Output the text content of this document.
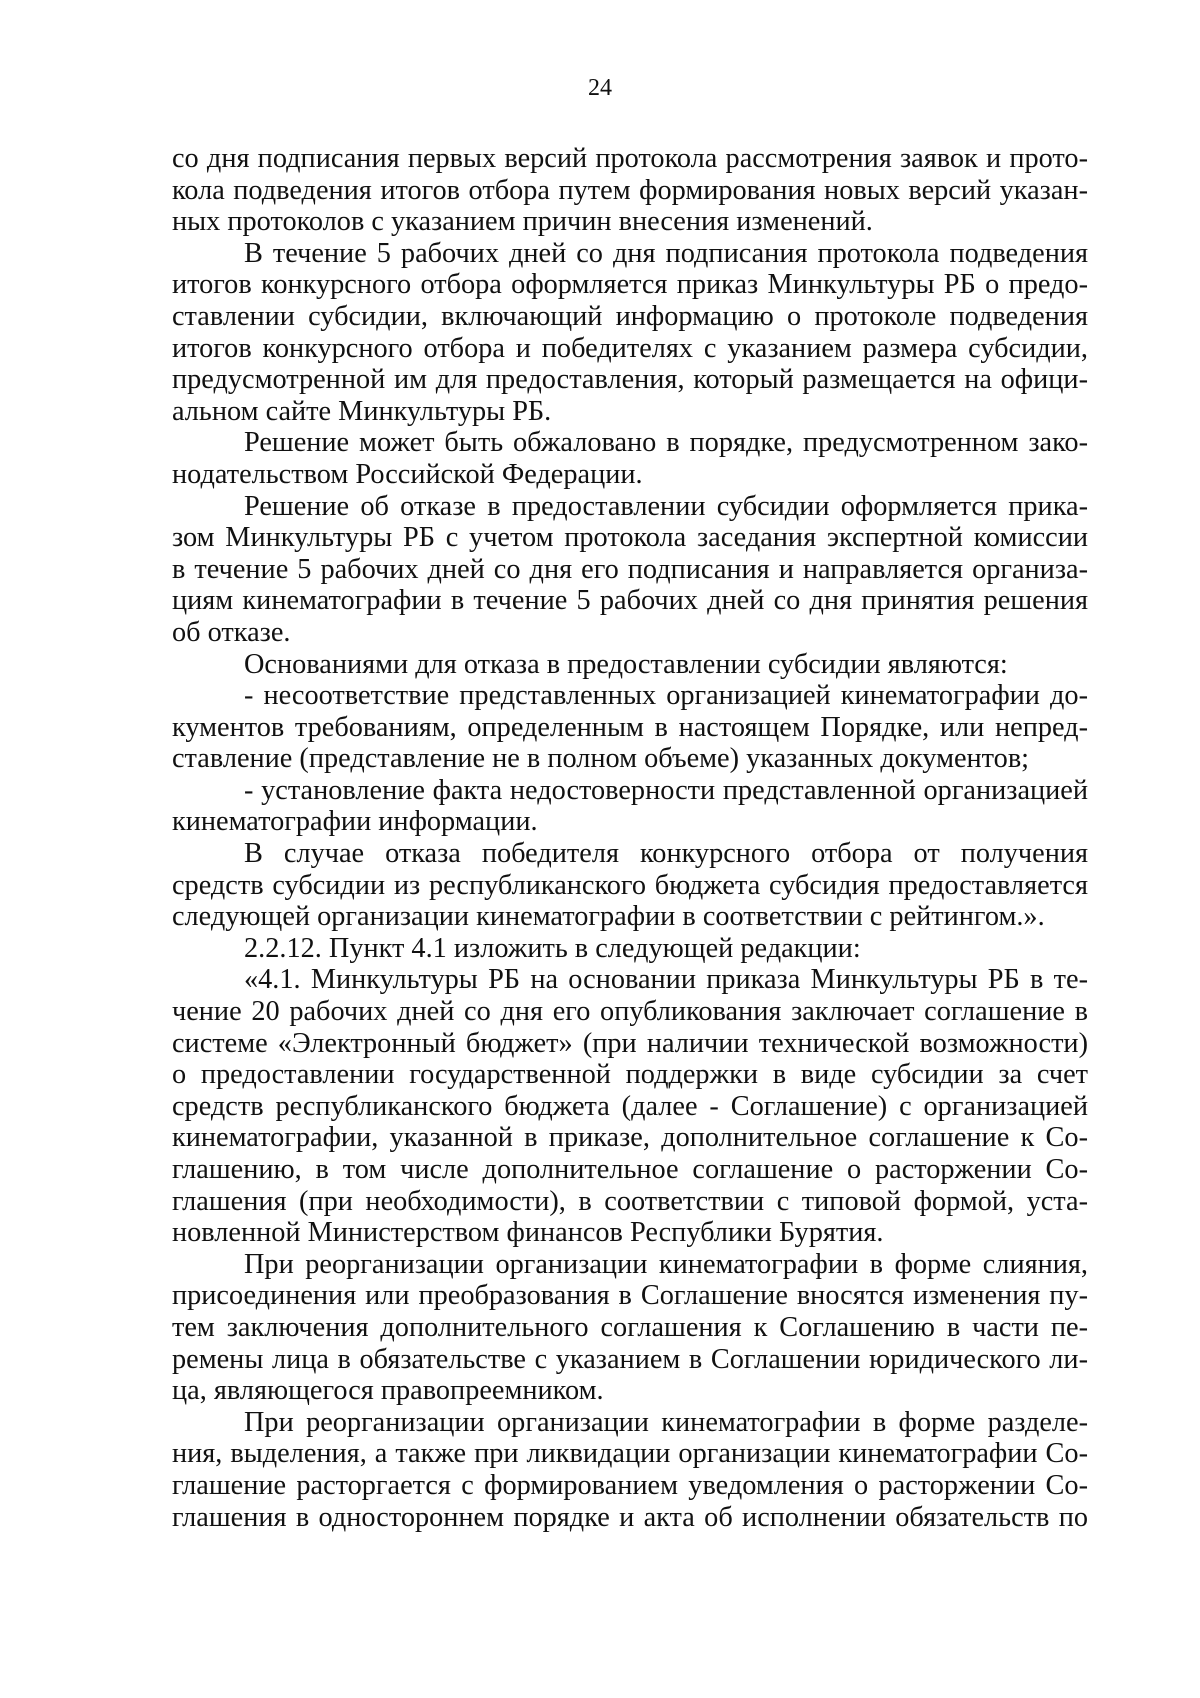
24
со дня подписания первых версий протокола рассмотрения заявок и прото-
кола подведения итогов отбора путем формирования новых версий указан-
ных протоколов с указанием причин внесения изменений.
В течение 5 рабочих дней со дня подписания протокола подведения
итогов конкурсного отбора оформляется приказ Минкультуры РБ о предо-
ставлении субсидии, включающий информацию о протоколе подведения
итогов конкурсного отбора и победителях с указанием размера субсидии,
предусмотренной им для предоставления, который размещается на офици-
альном сайте Минкультуры РБ.
Решение может быть обжаловано в порядке, предусмотренном зако-
нодательством Российской Федерации.
Решение об отказе в предоставлении субсидии оформляется прика-
зом Минкультуры РБ с учетом протокола заседания экспертной комиссии
в течение 5 рабочих дней со дня его подписания и направляется организа-
циям кинематографии в течение 5 рабочих дней со дня принятия решения
об отказе.
Основаниями для отказа в предоставлении субсидии являются:
- несоответствие представленных организацией кинематографии до-
кументов требованиям, определенным в настоящем Порядке, или непред-
ставление (представление не в полном объеме) указанных документов;
- установление факта недостоверности представленной организацией
кинематографии информации.
В случае отказа победителя конкурсного отбора от получения
средств субсидии из республиканского бюджета субсидия предоставляется
следующей организации кинематографии в соответствии с рейтингом.».
2.2.12. Пункт 4.1 изложить в следующей редакции:
«4.1. Минкультуры РБ на основании приказа Минкультуры РБ в те-
чение 20 рабочих дней со дня его опубликования заключает соглашение в
системе «Электронный бюджет» (при наличии технической возможности)
о предоставлении государственной поддержки в виде субсидии за счет
средств республиканского бюджета (далее - Соглашение) с организацией
кинематографии, указанной в приказе, дополнительное соглашение к Со-
глашению, в том числе дополнительное соглашение о расторжении Со-
глашения (при необходимости), в соответствии с типовой формой, уста-
новленной Министерством финансов Республики Бурятия.
При реорганизации организации кинематографии в форме слияния,
присоединения или преобразования в Соглашение вносятся изменения пу-
тем заключения дополнительного соглашения к Соглашению в части пе-
ремены лица в обязательстве с указанием в Соглашении юридического ли-
ца, являющегося правопреемником.
При реорганизации организации кинематографии в форме разделе-
ния, выделения, а также при ликвидации организации кинематографии Со-
глашение расторгается с формированием уведомления о расторжении Со-
глашения в одностороннем порядке и акта об исполнении обязательств по
